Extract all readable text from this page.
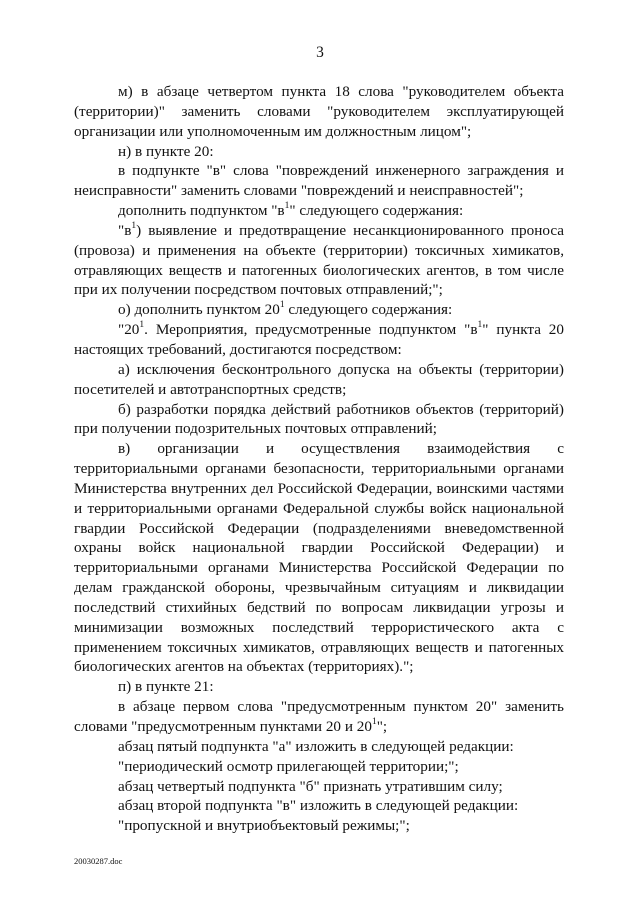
3

м) в абзаце четвертом пункта 18 слова "руководителем объекта (территории)" заменить словами "руководителем эксплуатирующей организации или уполномоченным им должностным лицом";

н) в пункте 20:

в подпункте "в" слова "повреждений инженерного заграждения и неисправности" заменить словами "повреждений и неисправностей";

дополнить подпунктом "$в^1$" следующего содержания:

"$в^1$) выявление и предотвращение несанкционированного проноса (провоза) и применения на объекте (территории) токсичных химикатов, отравляющих веществ и патогенных биологических агентов, в том числе при их получении посредством почтовых отправлений;";

о) дополнить пунктом $20^1$ следующего содержания:

"$20^1$. Мероприятия, предусмотренные подпунктом "$в^1$" пункта 20 настоящих требований, достигаются посредством:

а) исключения бесконтрольного допуска на объекты (территории) посетителей и автотранспортных средств;

б) разработки порядка действий работников объектов (территорий) при получении подозрительных почтовых отправлений;

в) организации и осуществления взаимодействия с территориальными органами безопасности, территориальными органами Министерства внутренних дел Российской Федерации, воинскими частями и территориальными органами Федеральной службы войск национальной гвардии Российской Федерации (подразделениями вневедомственной охраны войск национальной гвардии Российской Федерации) и территориальными органами Министерства Российской Федерации по делам гражданской обороны, чрезвычайным ситуациям и ликвидации последствий стихийных бедствий по вопросам ликвидации угрозы и минимизации возможных последствий террористического акта с применением токсичных химикатов, отравляющих веществ и патогенных биологических агентов на объектах (территориях).";

п) в пункте 21:

в абзаце первом слова "предусмотренным пунктом 20" заменить словами "предусмотренным пунктами 20 и $20^1$";

абзац пятый подпункта "а" изложить в следующей редакции:

"периодический осмотр прилегающей территории;";

абзац четвертый подпункта "б" признать утратившим силу;

абзац второй подпункта "в" изложить в следующей редакции:

"пропускной и внутриобъектовый режимы;";

20030287.doc
